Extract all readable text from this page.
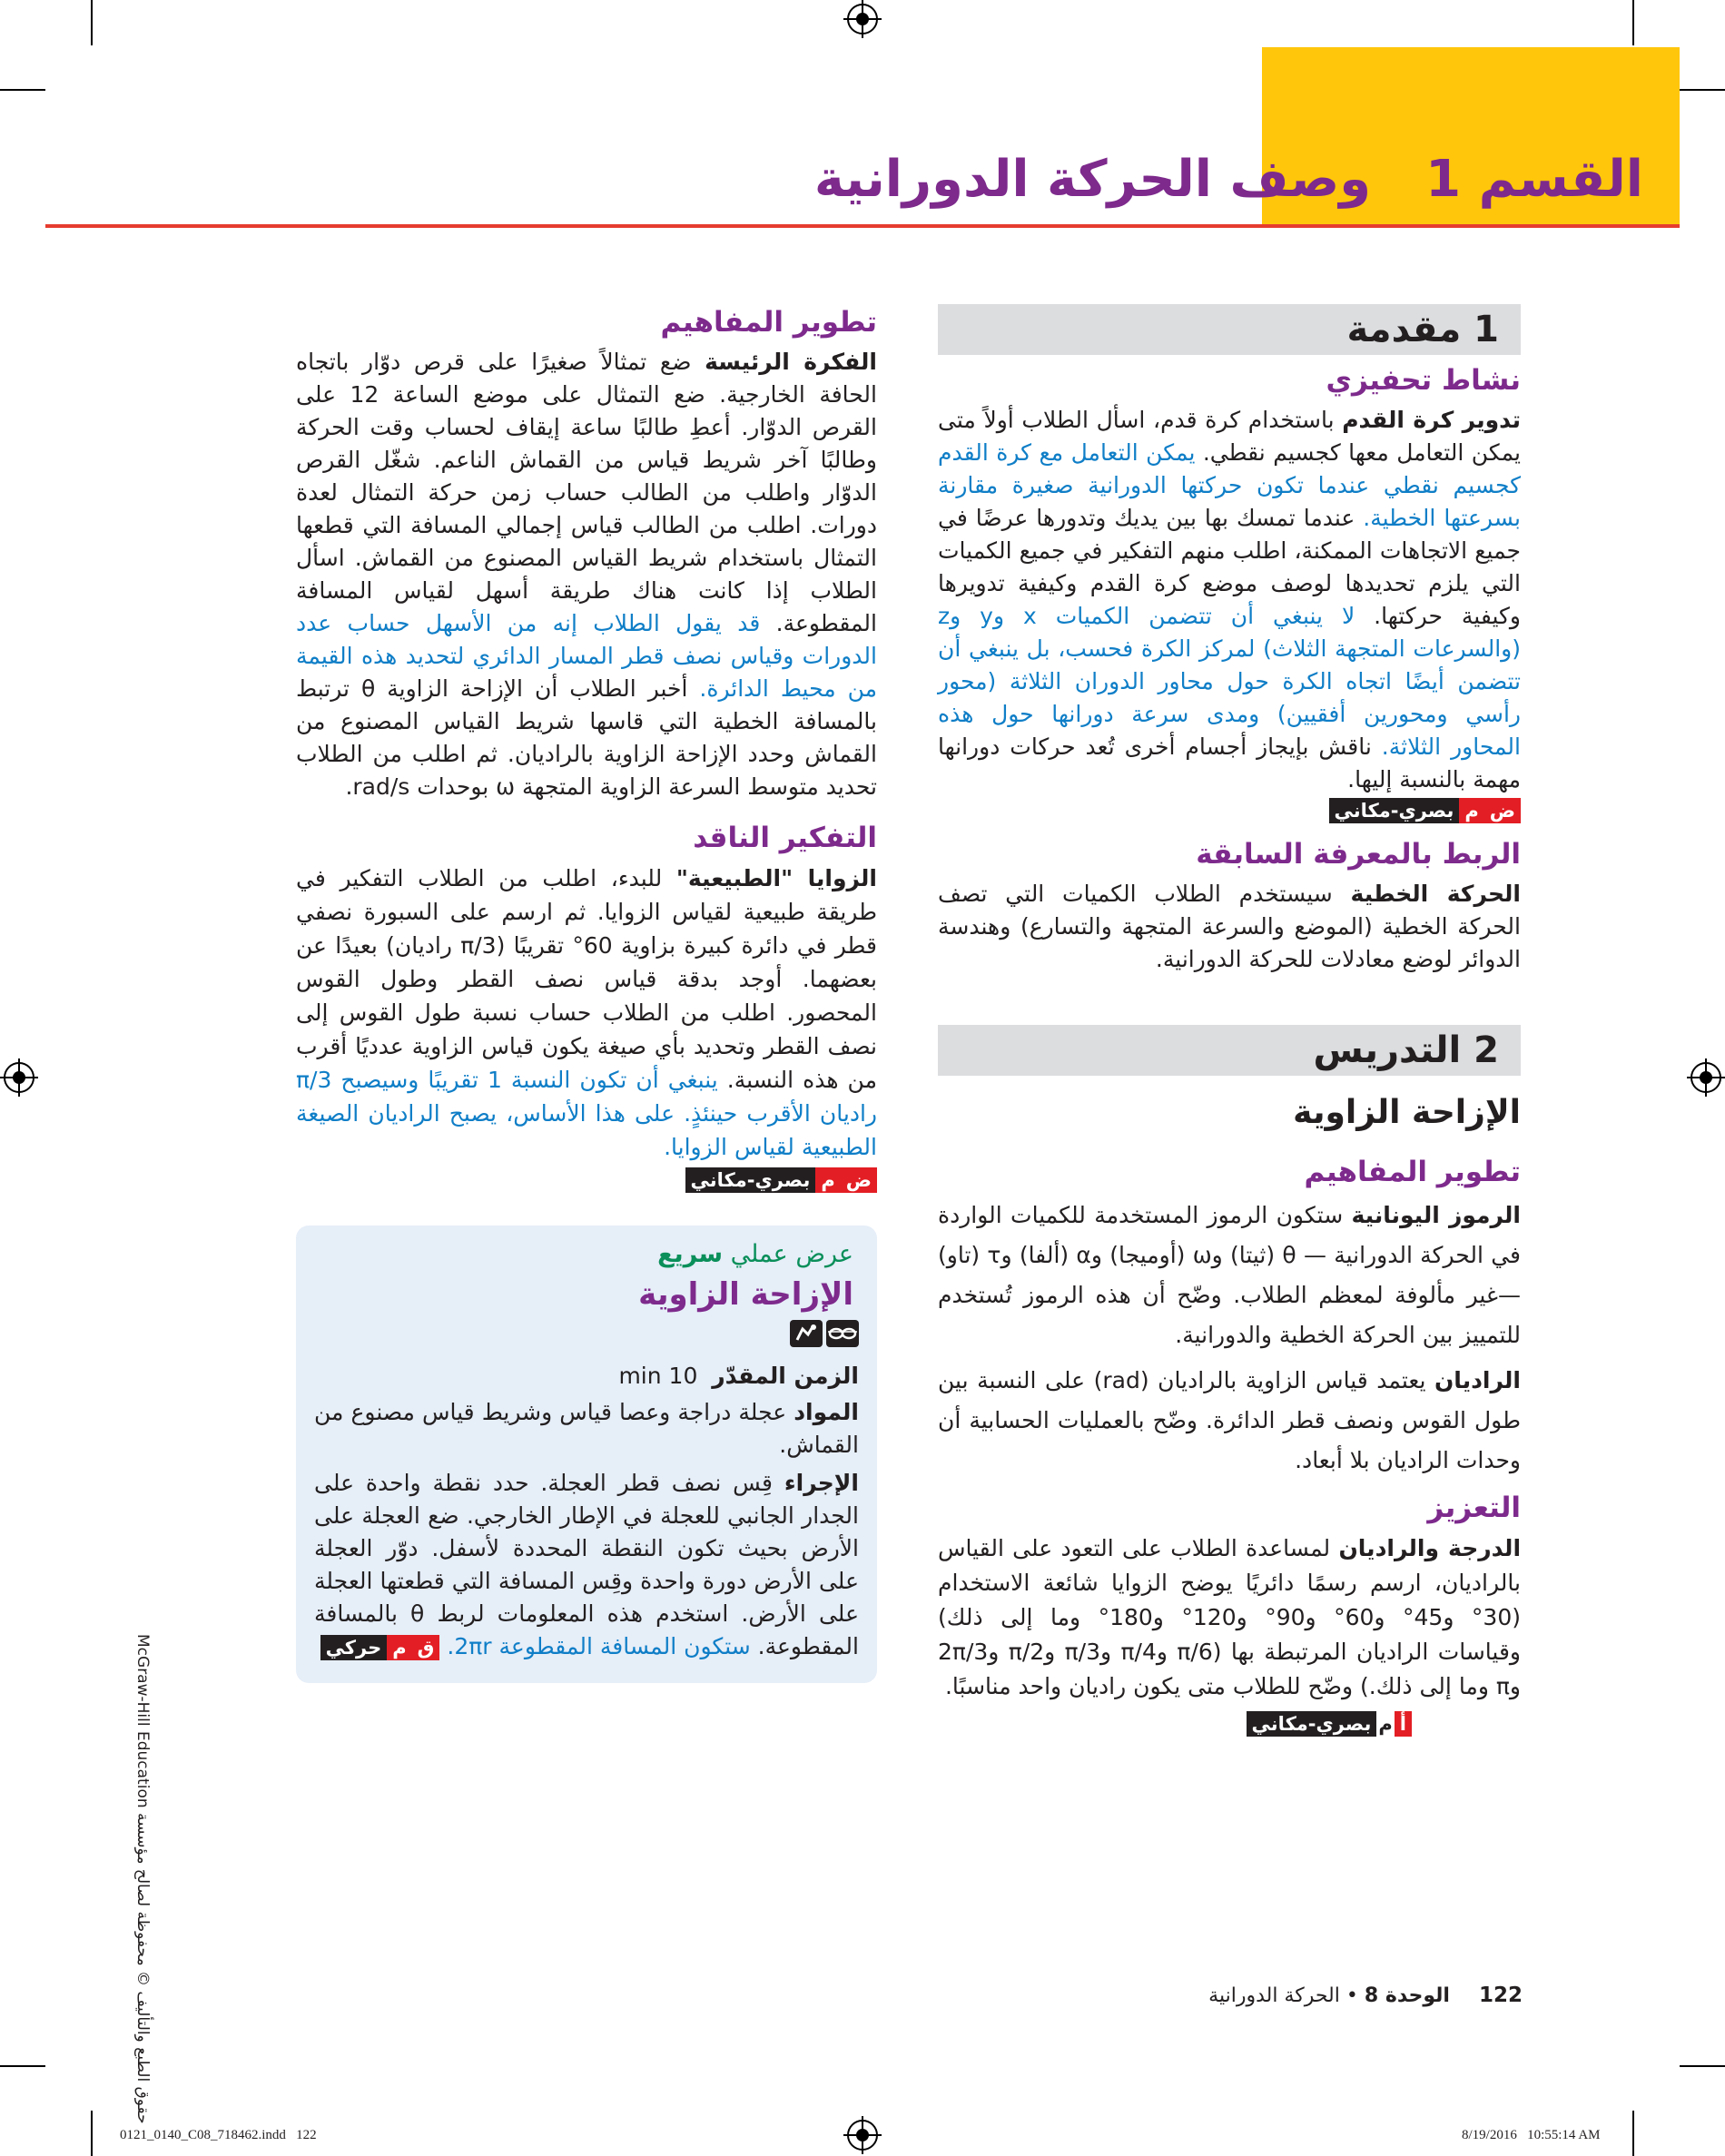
القسم 1وصف الحركة الدورانية
1 مقدمة
نشاط تحفيزي
تدوير كرة القدم باستخدام كرة قدم، اسأل الطلاب أولاً متى يمكن التعامل معها كجسيم نقطي. يمكن التعامل مع كرة القدم كجسيم نقطي عندما تكون حركتها الدورانية صغيرة مقارنة بسرعتها الخطية. عندما تمسك بها بين يديك وتدورها عرضًا في جميع الاتجاهات الممكنة، اطلب منهم التفكير في جميع الكميات التي يلزم تحديدها لوصف موضع كرة القدم وكيفية تدويرها وكيفية حركتها. لا ينبغي أن تتضمن الكميات x وy وz (والسرعات المتجهة الثلاث) لمركز الكرة فحسب، بل ينبغي أن تتضمن أيضًا اتجاه الكرة حول محاور الدوران الثلاثة (محور رأسي ومحورين أفقيين) ومدى سرعة دورانها حول هذه المحاور الثلاثة. ناقش بإيجاز أجسام أخرى تُعد حركات دورانها مهمة بالنسبة إليها.
ضمبصري-مكاني
الربط بالمعرفة السابقة
الحركة الخطية سيستخدم الطلاب الكميات التي تصف الحركة الخطية (الموضع والسرعة المتجهة والتسارع) وهندسة الدوائر لوضع معادلات للحركة الدورانية.
2 التدريس
الإزاحة الزاوية
تطوير المفاهيم
الرموز اليونانية ستكون الرموز المستخدمة للكميات الواردة في الحركة الدورانية — θ (ثيتا) وω (أوميجا) وα (ألفا) وτ (تاو)—غير مألوفة لمعظم الطلاب. وضّح أن هذه الرموز تُستخدم للتمييز بين الحركة الخطية والدورانية.
الراديان يعتمد قياس الزاوية بالراديان (rad) على النسبة بين طول القوس ونصف قطر الدائرة. وضّح بالعمليات الحسابية أن وحدات الراديان بلا أبعاد.
التعزيز
الدرجة والراديان لمساعدة الطلاب على التعود على القياس بالراديان، ارسم رسمًا دائريًا يوضح الزوايا شائعة الاستخدام (30° و45° و60° و90° و120° و180° وما إلى ذلك) وقياسات الراديان المرتبطة بها (π/6 وπ/4 وπ/3 وπ/2 و2π/3 وπ وما إلى ذلك.) وضّح للطلاب متى يكون راديان واحد مناسبًا.
أمبصري-مكاني
تطوير المفاهيم
الفكرة الرئيسة ضع تمثالاً صغيرًا على قرص دوّار باتجاه الحافة الخارجية. ضع التمثال على موضع الساعة 12 على القرص الدوّار. أعطِ طالبًا ساعة إيقاف لحساب وقت الحركة وطالبًا آخر شريط قياس من القماش الناعم. شغّل القرص الدوّار واطلب من الطالب حساب زمن حركة التمثال لعدة دورات. اطلب من الطالب قياس إجمالي المسافة التي قطعها التمثال باستخدام شريط القياس المصنوع من القماش. اسأل الطلاب إذا كانت هناك طريقة أسهل لقياس المسافة المقطوعة. قد يقول الطلاب إنه من الأسهل حساب عدد الدورات وقياس نصف قطر المسار الدائري لتحديد هذه القيمة من محيط الدائرة. أخبر الطلاب أن الإزاحة الزاوية θ ترتبط بالمسافة الخطية التي قاسها شريط القياس المصنوع من القماش وحدد الإزاحة الزاوية بالراديان. ثم اطلب من الطلاب تحديد متوسط السرعة الزاوية المتجهة ω بوحدات rad/s.
التفكير الناقد
الزوايا "الطبيعية" للبدء، اطلب من الطلاب التفكير في طريقة طبيعية لقياس الزوايا. ثم ارسم على السبورة نصفي قطر في دائرة كبيرة بزاوية 60° تقريبًا (π/3 راديان) بعيدًا عن بعضهما. أوجد بدقة قياس نصف القطر وطول القوس المحصور. اطلب من الطلاب حساب نسبة طول القوس إلى نصف القطر وتحديد بأي صيغة يكون قياس الزاوية عدديًا أقرب من هذه النسبة. ينبغي أن تكون النسبة 1 تقريبًا وسيصبح π/3 راديان الأقرب حينئذٍ. على هذا الأساس، يصبح الراديان الصيغة الطبيعية لقياس الزوايا.
ضمبصري-مكاني
عرض عملي سريع
الإزاحة الزاوية
الزمن المقدّر  10 min
المواد عجلة دراجة وعصا قياس وشريط قياس مصنوع من القماش.
الإجراء قِس نصف قطر العجلة. حدد نقطة واحدة على الجدار الجانبي للعجلة في الإطار الخارجي. ضع العجلة على الأرض بحيث تكون النقطة المحددة لأسفل. دوّر العجلة على الأرض دورة واحدة وقِس المسافة التي قطعتها العجلة على الأرض. استخدم هذه المعلومات لربط θ بالمسافة المقطوعة. ستكون المسافة المقطوعة 2πr. قمحركي
حقوق الطبع والتأليف © محفوظة لصالح مؤسسة McGraw-Hill Education	122  الوحدة 8 • الحركة الدورانية
0121_0140_C08_718462.indd   122	8/19/2016   10:55:14 AM
